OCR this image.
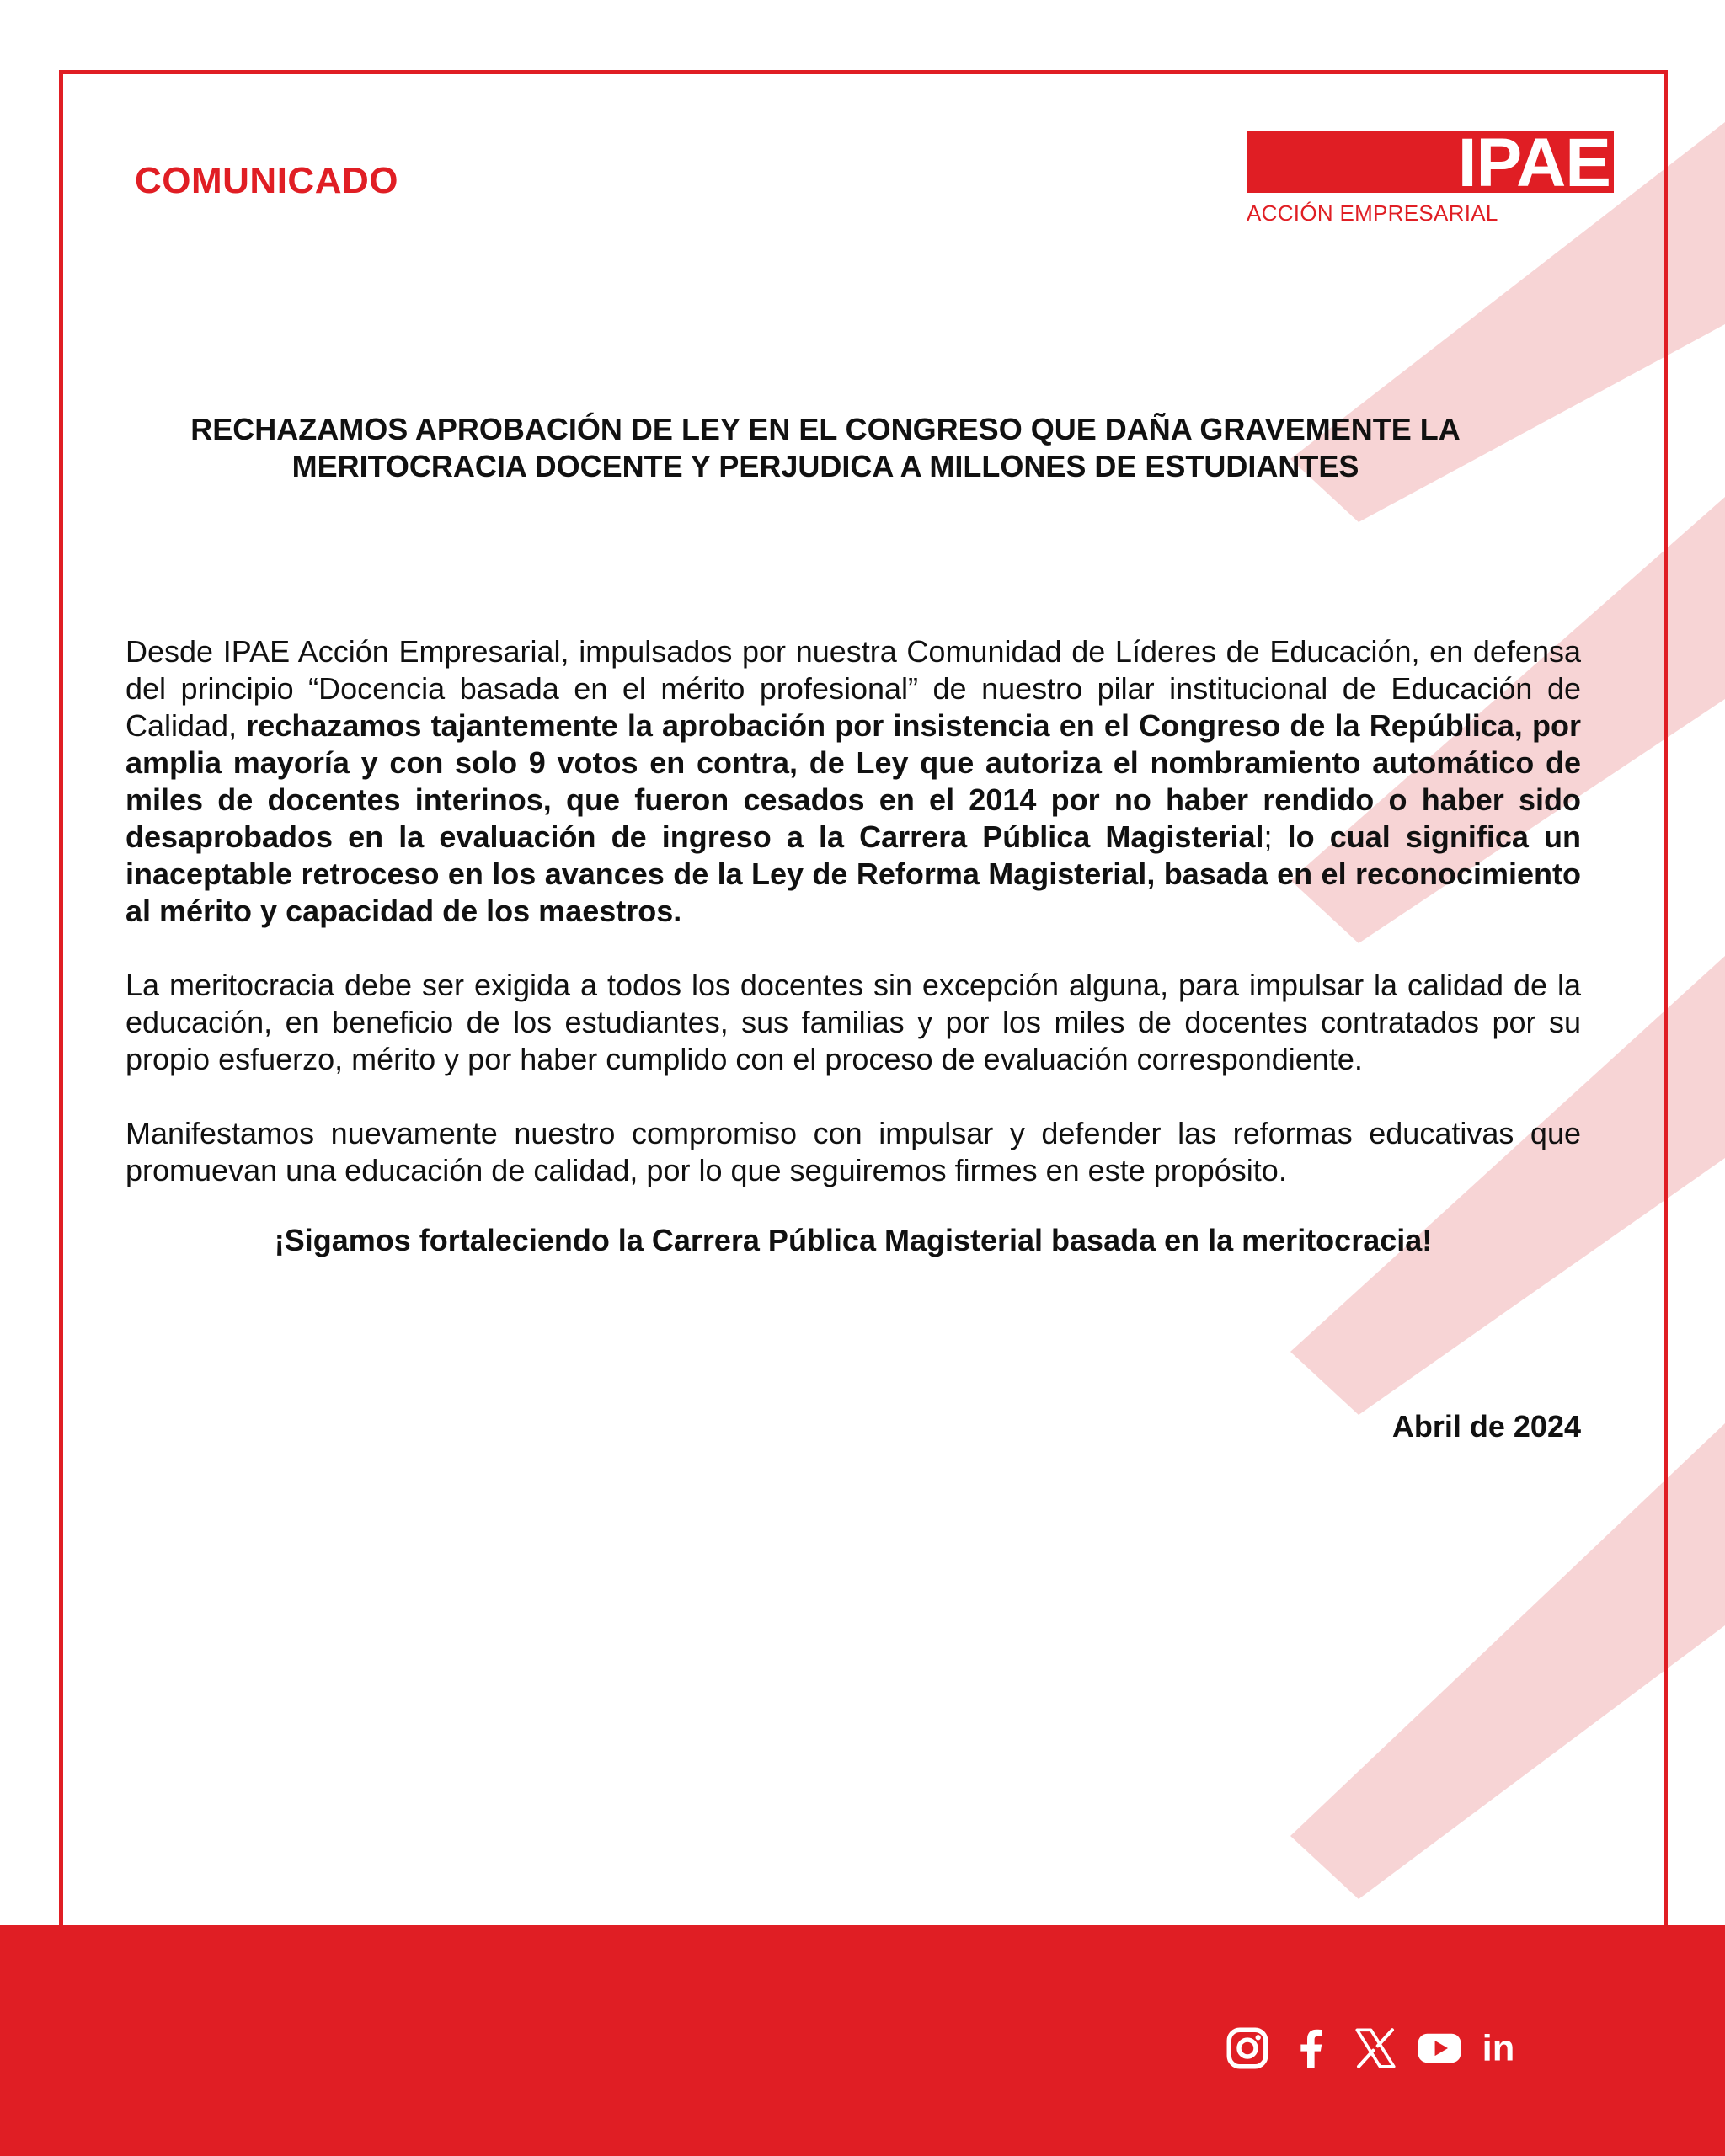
COMUNICADO	IPAE
ACCIÓN EMPRESARIAL
RECHAZAMOS APROBACIÓN DE LEY EN EL CONGRESO QUE DAÑA GRAVEMENTE LA
MERITOCRACIA DOCENTE Y PERJUDICA A MILLONES DE ESTUDIANTES

Desde IPAE Acción Empresarial, impulsados por nuestra Comunidad de Líderes de Educación, en defensa del principio “Docencia basada en el mérito profesional” de nuestro pilar institucional de Educación de Calidad, rechazamos tajantemente la aprobación por insistencia en el Congreso de la República, por amplia mayoría y con solo 9 votos en contra, de Ley que autoriza el nombramiento automático de miles de docentes interinos, que fueron cesados en el 2014 por no haber rendido o haber sido desaprobados en la evaluación de ingreso a la Carrera Pública Magisterial; lo cual significa un inaceptable retroceso en los avances de la Ley de Reforma Magisterial, basada en el reconocimiento al mérito y capacidad de los maestros.

La meritocracia debe ser exigida a todos los docentes sin excepción alguna, para impulsar la calidad de la educación, en beneficio de los estudiantes, sus familias y por los miles de docentes contratados por su propio esfuerzo, mérito y por haber cumplido con el proceso de evaluación correspondiente.

Manifestamos nuevamente nuestro compromiso con impulsar y defender las reformas educativas que promuevan una educación de calidad, por lo que seguiremos firmes en este propósito.

¡Sigamos fortaleciendo la Carrera Pública Magisterial basada en la meritocracia!
Abril de 2024
in
